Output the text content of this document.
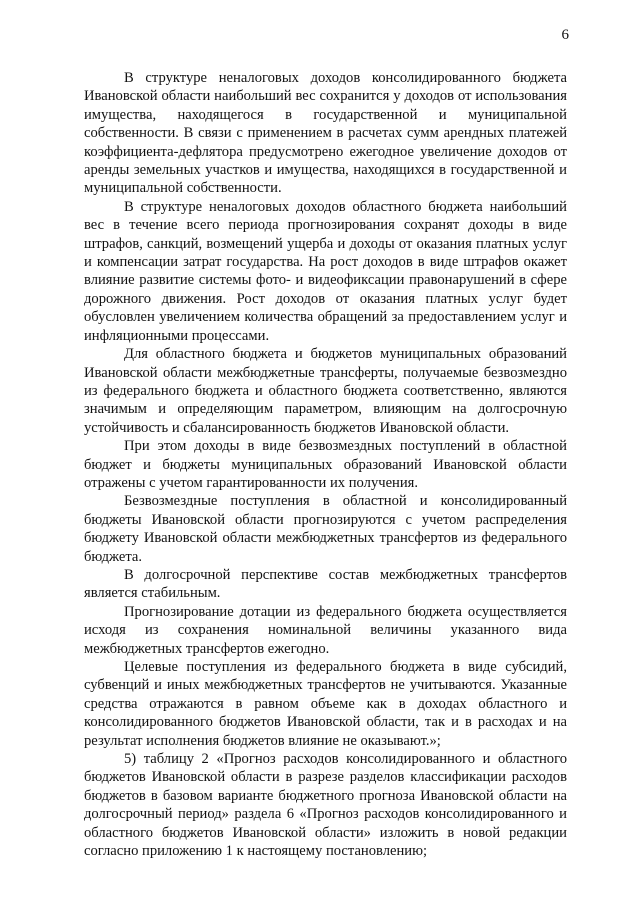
6

В структуре неналоговых доходов консолидированного бюджета Ивановской области наибольший вес сохранится у доходов от использования имущества, находящегося в государственной и муниципальной собственности. В связи с применением в расчетах сумм арендных платежей коэффициента-дефлятора предусмотрено ежегодное увеличение доходов от аренды земельных участков и имущества, находящихся в государственной и муниципальной собственности.

В структуре неналоговых доходов областного бюджета наибольший вес в течение всего периода прогнозирования сохранят доходы в виде штрафов, санкций, возмещений ущерба и доходы от оказания платных услуг и компенсации затрат государства. На рост доходов в виде штрафов окажет влияние развитие системы фото- и видеофиксации правонарушений в сфере дорожного движения. Рост доходов от оказания платных услуг будет обусловлен увеличением количества обращений за предоставлением услуг и инфляционными процессами.

Для областного бюджета и бюджетов муниципальных образований Ивановской области межбюджетные трансферты, получаемые безвозмездно из федерального бюджета и областного бюджета соответственно, являются значимым и определяющим параметром, влияющим на долгосрочную устойчивость и сбалансированность бюджетов Ивановской области.

При этом доходы в виде безвозмездных поступлений в областной бюджет и бюджеты муниципальных образований Ивановской области отражены с учетом гарантированности их получения.

Безвозмездные поступления в областной и консолидированный бюджеты Ивановской области прогнозируются с учетом распределения бюджету Ивановской области межбюджетных трансфертов из федерального бюджета.

В долгосрочной перспективе состав межбюджетных трансфертов является стабильным.

Прогнозирование дотации из федерального бюджета осуществляется исходя из сохранения номинальной величины указанного вида межбюджетных трансфертов ежегодно.

Целевые поступления из федерального бюджета в виде субсидий, субвенций и иных межбюджетных трансфертов не учитываются. Указанные средства отражаются в равном объеме как в доходах областного и консолидированного бюджетов Ивановской области, так и в расходах и на результат исполнения бюджетов влияние не оказывают.»;

5) таблицу 2 «Прогноз расходов консолидированного и областного бюджетов Ивановской области в разрезе разделов классификации расходов бюджетов в базовом варианте бюджетного прогноза Ивановской области на долгосрочный период» раздела 6 «Прогноз расходов консолидированного и областного бюджетов Ивановской области» изложить в новой редакции согласно приложению 1 к настоящему постановлению;
